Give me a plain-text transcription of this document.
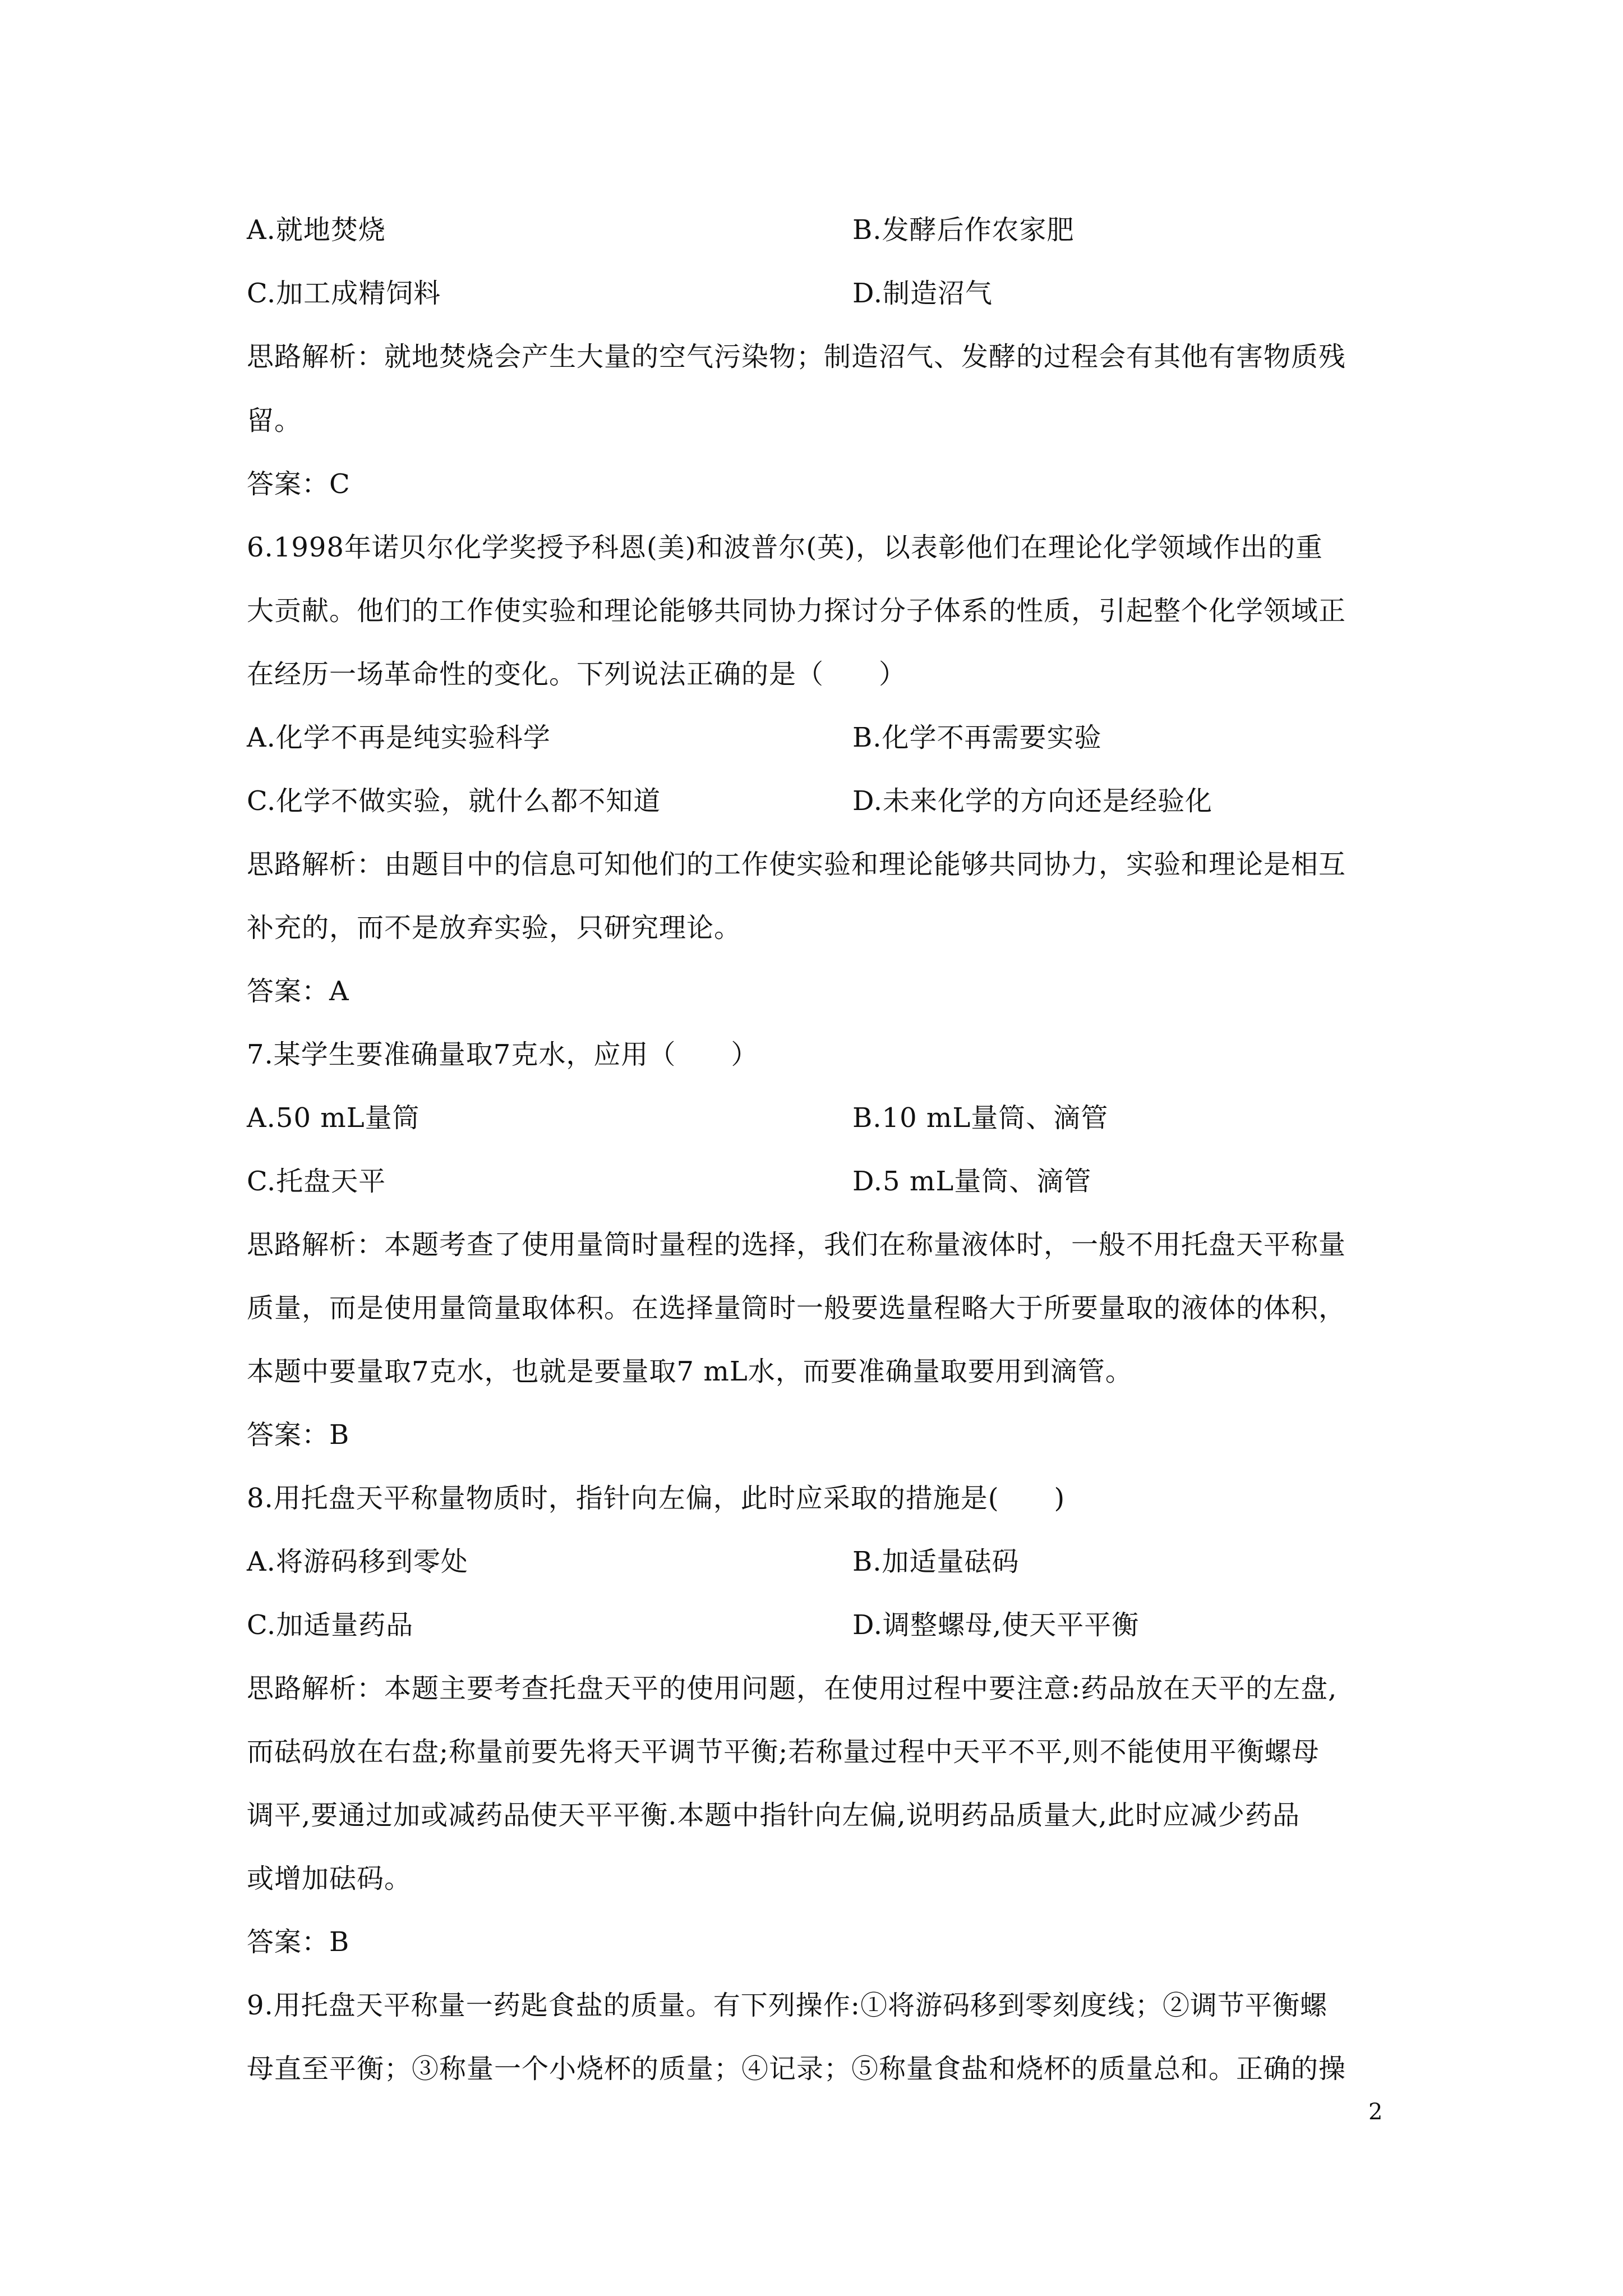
A.就地焚烧	B.发酵后作农家肥
C.加工成精饲料	D.制造沼气
思路解析：就地焚烧会产生大量的空气污染物；制造沼气、发酵的过程会有其他有害物质残
留。
答案：C
6.1998年诺贝尔化学奖授予科恩(美)和波普尔(英)，以表彰他们在理论化学领域作出的重
大贡献。他们的工作使实验和理论能够共同协力探讨分子体系的性质，引起整个化学领域正
在经历一场革命性的变化。下列说法正确的是（　　）
A.化学不再是纯实验科学	B.化学不再需要实验
C.化学不做实验，就什么都不知道	D.未来化学的方向还是经验化
思路解析：由题目中的信息可知他们的工作使实验和理论能够共同协力，实验和理论是相互
补充的，而不是放弃实验，只研究理论。
答案：A
7.某学生要准确量取7克水，应用（　　）
A.50 mL量筒	B.10 mL量筒、滴管
C.托盘天平	D.5 mL量筒、滴管
思路解析：本题考查了使用量筒时量程的选择，我们在称量液体时，一般不用托盘天平称量
质量，而是使用量筒量取体积。在选择量筒时一般要选量程略大于所要量取的液体的体积，
本题中要量取7克水，也就是要量取7 mL水，而要准确量取要用到滴管。
答案：B
8.用托盘天平称量物质时，指针向左偏，此时应采取的措施是(　　)
A.将游码移到零处	B.加适量砝码
C.加适量药品	D.调整螺母,使天平平衡
思路解析：本题主要考查托盘天平的使用问题，在使用过程中要注意:药品放在天平的左盘,
而砝码放在右盘;称量前要先将天平调节平衡;若称量过程中天平不平,则不能使用平衡螺母
调平,要通过加或减药品使天平平衡.本题中指针向左偏,说明药品质量大,此时应减少药品
或增加砝码。
答案：B
9.用托盘天平称量一药匙食盐的质量。有下列操作:①将游码移到零刻度线；②调节平衡螺
母直至平衡；③称量一个小烧杯的质量；④记录；⑤称量食盐和烧杯的质量总和。正确的操
2
